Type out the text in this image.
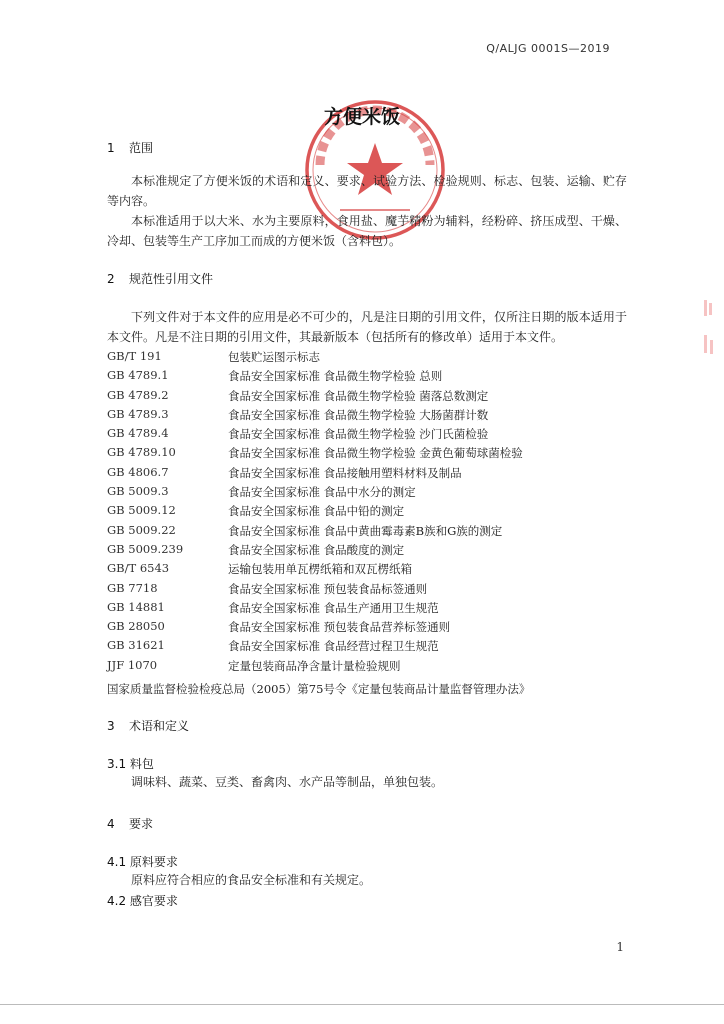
Q/ALJG 0001S—2019
方便米饭
1 范围
本标准规定了方便米饭的术语和定义、要求、试验方法、检验规则、标志、包装、运输、贮存等内容。
本标准适用于以大米、水为主要原料，食用盐、魔芋精粉为辅料，经粉碎、挤压成型、干燥、冷却、包装等生产工序加工而成的方便米饭（含料包）。
2 规范性引用文件
下列文件对于本文件的应用是必不可少的，凡是注日期的引用文件，仅所注日期的版本适用于本文件。凡是不注日期的引用文件，其最新版本（包括所有的修改单）适用于本文件。
GB/T 191	包装贮运图示标志
GB 4789.1	食品安全国家标准 食品微生物学检验 总则
GB 4789.2	食品安全国家标准 食品微生物学检验 菌落总数测定
GB 4789.3	食品安全国家标准 食品微生物学检验 大肠菌群计数
GB 4789.4	食品安全国家标准 食品微生物学检验 沙门氏菌检验
GB 4789.10	食品安全国家标准 食品微生物学检验 金黄色葡萄球菌检验
GB 4806.7	食品安全国家标准 食品接触用塑料材料及制品
GB 5009.3	食品安全国家标准 食品中水分的测定
GB 5009.12	食品安全国家标准 食品中铅的测定
GB 5009.22	食品安全国家标准 食品中黄曲霉毒素B族和G族的测定
GB 5009.239	食品安全国家标准 食品酸度的测定
GB/T 6543	运输包装用单瓦楞纸箱和双瓦楞纸箱
GB 7718	食品安全国家标准 预包装食品标签通则
GB 14881	食品安全国家标准 食品生产通用卫生规范
GB 28050	食品安全国家标准 预包装食品营养标签通则
GB 31621	食品安全国家标准 食品经营过程卫生规范
JJF 1070	定量包装商品净含量计量检验规则
国家质量监督检验检疫总局（2005）第75号令《定量包装商品计量监督管理办法》
3 术语和定义
3.1 料包
调味料、蔬菜、豆类、畜禽肉、水产品等制品，单独包装。
4 要求
4.1 原料要求
原料应符合相应的食品安全标准和有关规定。
4.2 感官要求
1
